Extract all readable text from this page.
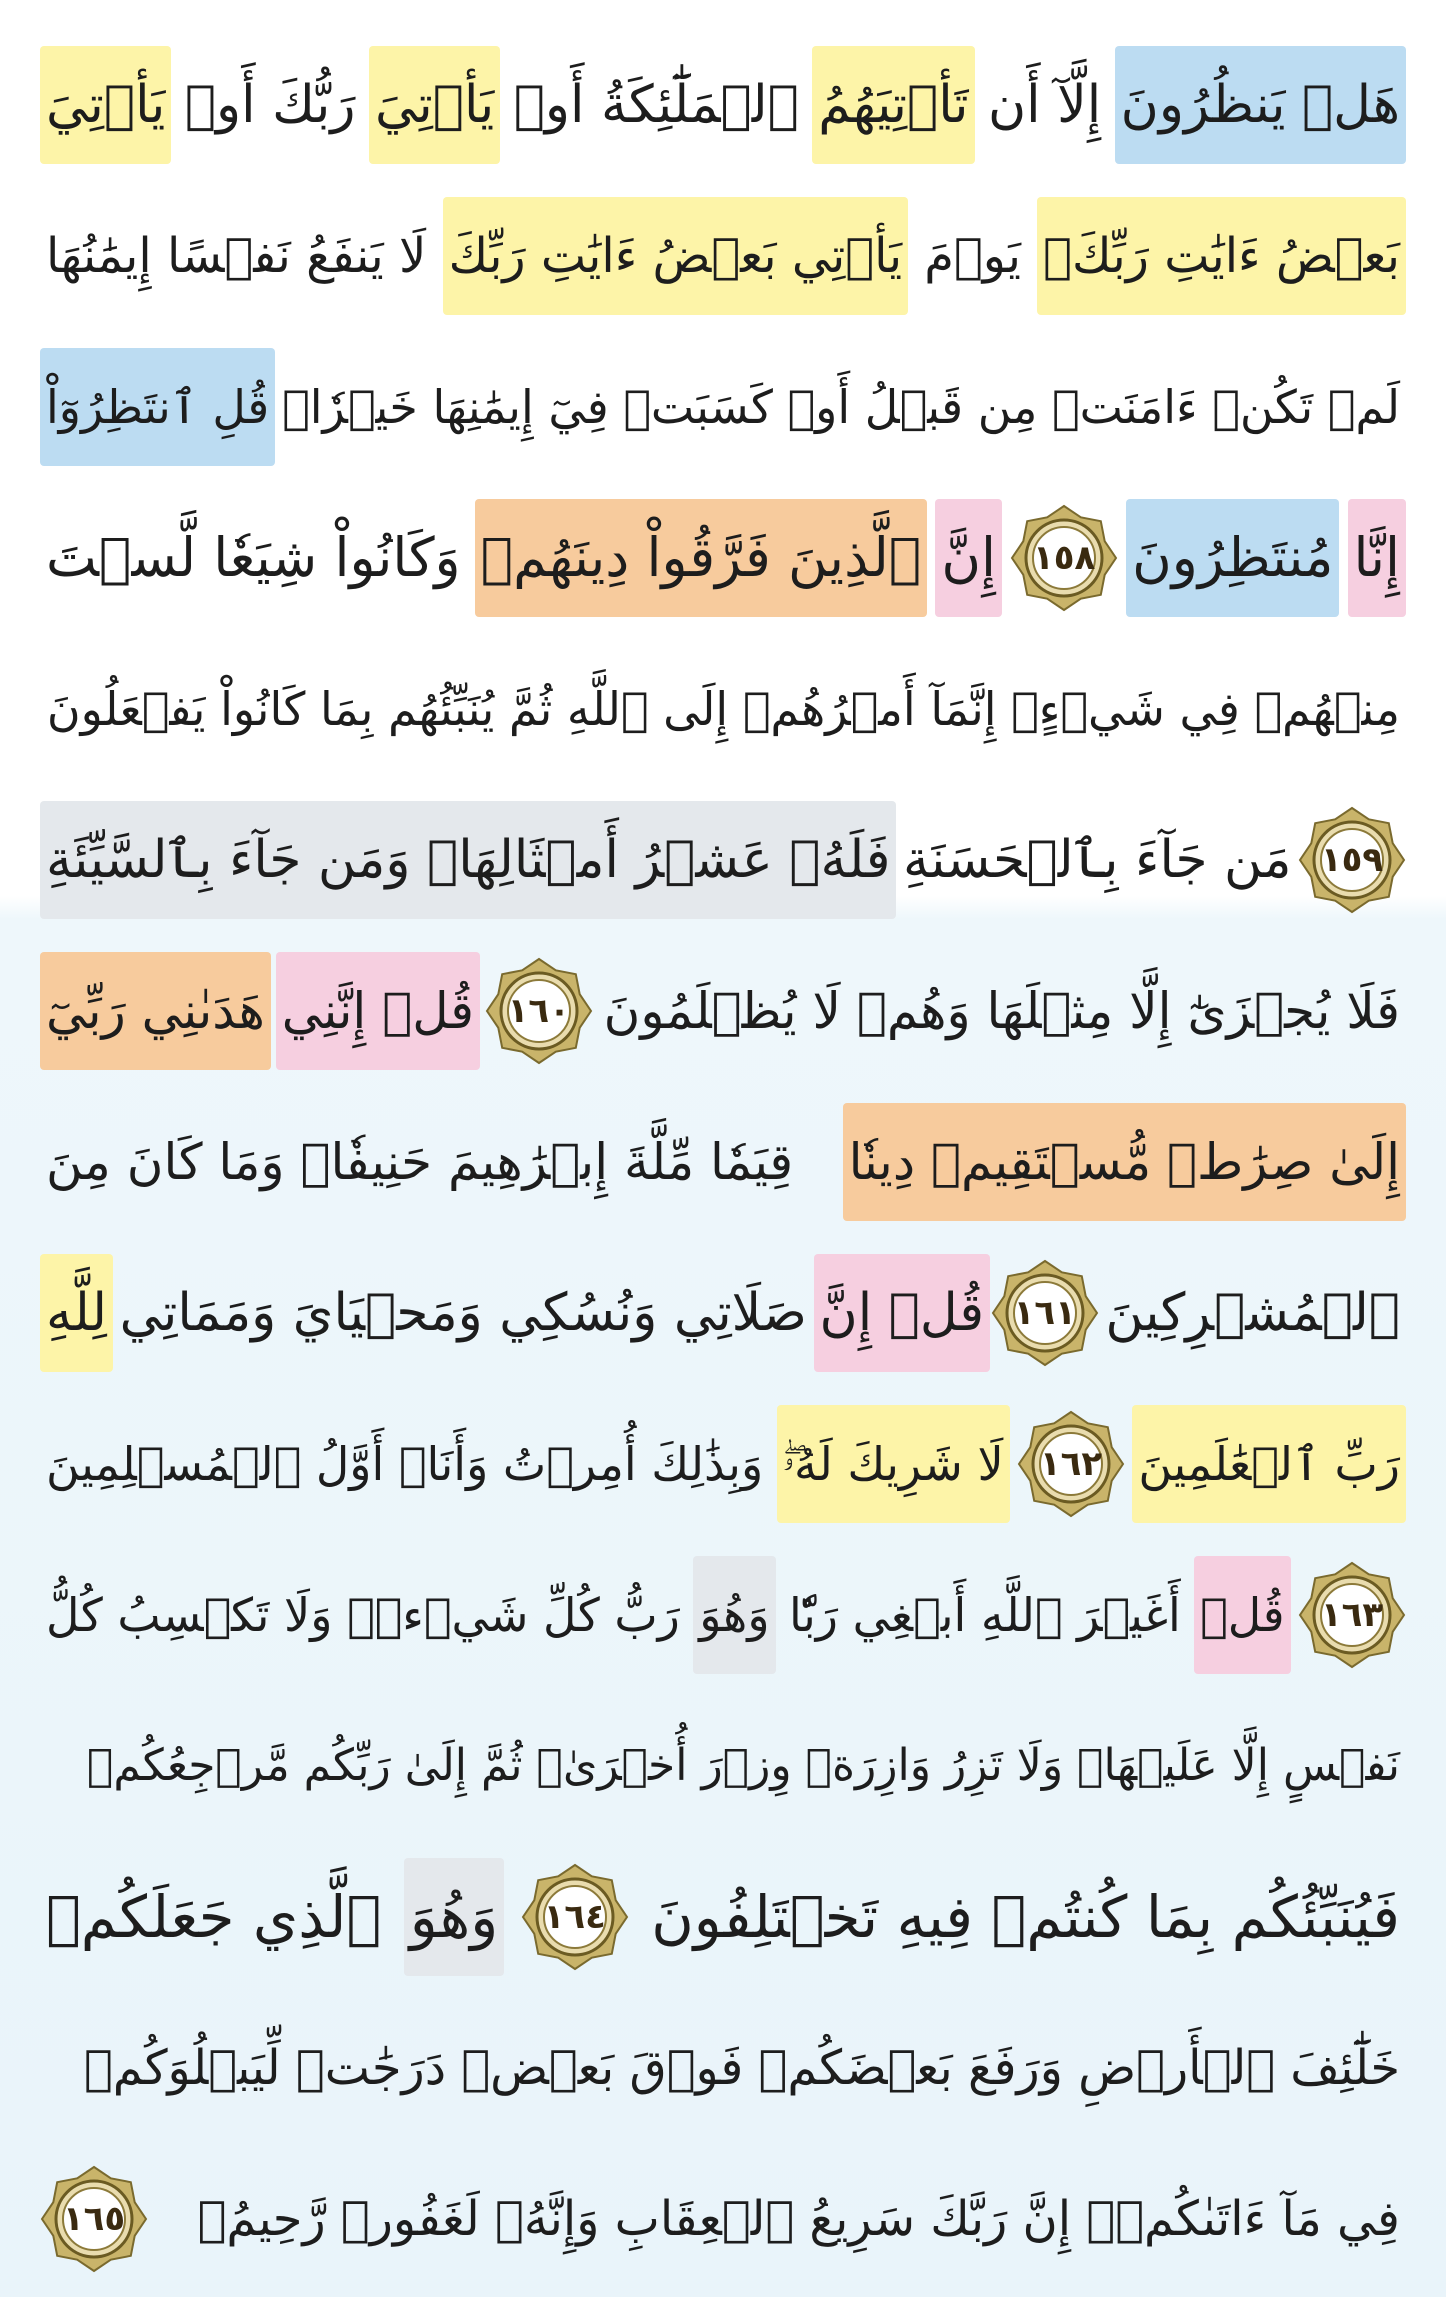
هَلۡ يَنظُرُونَ
إِلَّآ أَن
تَأۡتِيَهُمُ
ٱلۡمَلَٰٓئِكَةُ أَوۡ
يَأۡتِيَ
رَبُّكَ أَوۡ
يَأۡتِيَ
بَعۡضُ ءَايَٰتِ رَبِّكَۗ
يَوۡمَ
يَأۡتِي بَعۡضُ ءَايَٰتِ رَبِّكَ
لَا يَنفَعُ نَفۡسًا إِيمَٰنُهَا
لَمۡ تَكُنۡ ءَامَنَتۡ مِن قَبۡلُ أَوۡ كَسَبَتۡ فِيٓ إِيمَٰنِهَا خَيۡرٗاۗ
قُلِ ٱنتَظِرُوٓاْ
إِنَّا
مُنتَظِرُونَ
١٥٨
إِنَّ
ٱلَّذِينَ فَرَّقُواْ دِينَهُمۡ
وَكَانُواْ شِيَعٗا لَّسۡتَ
مِنۡهُمۡ فِي شَيۡءٍۚ إِنَّمَآ أَمۡرُهُمۡ إِلَى ٱللَّهِ ثُمَّ يُنَبِّئُهُم بِمَا كَانُواْ يَفۡعَلُونَ
١٥٩
مَن جَآءَ بِٱلۡحَسَنَةِ
فَلَهُۥ عَشۡرُ أَمۡثَالِهَاۖ وَمَن جَآءَ بِٱلسَّيِّئَةِ
فَلَا يُجۡزَىٰٓ إِلَّا مِثۡلَهَا وَهُمۡ لَا يُظۡلَمُونَ
١٦٠
قُلۡ إِنَّنِي
هَدَىٰنِي رَبِّيٓ
إِلَىٰ صِرَٰطٖ مُّسۡتَقِيمٖ دِينٗا
قِيَمٗا مِّلَّةَ إِبۡرَٰهِيمَ حَنِيفٗاۚ وَمَا كَانَ مِنَ
ٱلۡمُشۡرِكِينَ
١٦١
قُلۡ إِنَّ
صَلَاتِي وَنُسُكِي وَمَحۡيَايَ وَمَمَاتِي
لِلَّهِ
رَبِّ ٱلۡعَٰلَمِينَ
١٦٢
لَا شَرِيكَ لَهُۥۖ
وَبِذَٰلِكَ أُمِرۡتُ وَأَنَا۠ أَوَّلُ ٱلۡمُسۡلِمِينَ
١٦٣
قُلۡ
أَغَيۡرَ ٱللَّهِ أَبۡغِي رَبّٗا
وَهُوَ
رَبُّ كُلِّ شَيۡءٖۚ وَلَا تَكۡسِبُ كُلُّ
نَفۡسٍ إِلَّا عَلَيۡهَاۚ وَلَا تَزِرُ وَازِرَةٞ وِزۡرَ أُخۡرَىٰۚ ثُمَّ إِلَىٰ رَبِّكُم مَّرۡجِعُكُمۡ
فَيُنَبِّئُكُم بِمَا كُنتُمۡ فِيهِ تَخۡتَلِفُونَ
١٦٤
وَهُوَ
ٱلَّذِي جَعَلَكُمۡ
خَلَٰٓئِفَ ٱلۡأَرۡضِ وَرَفَعَ بَعۡضَكُمۡ فَوۡقَ بَعۡضٖ دَرَجَٰتٖ لِّيَبۡلُوَكُمۡ
فِي مَآ ءَاتَىٰكُمۡۗ إِنَّ رَبَّكَ سَرِيعُ ٱلۡعِقَابِ وَإِنَّهُۥ لَغَفُورٞ رَّحِيمُۢ
١٦٥
